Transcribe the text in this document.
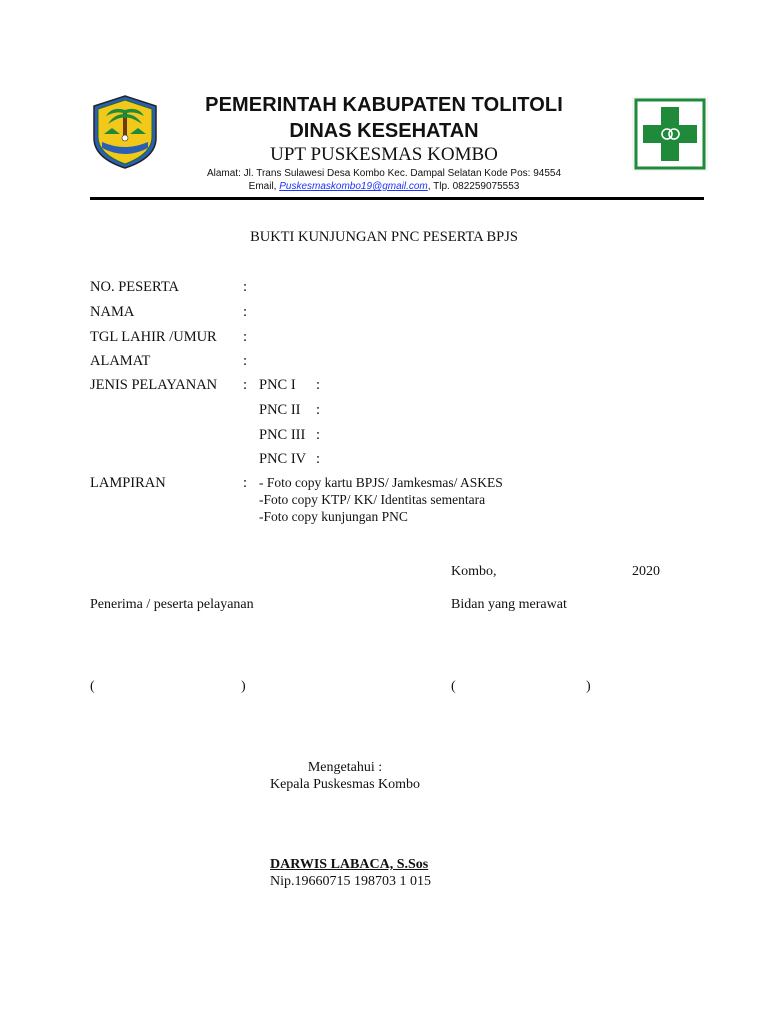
PEMERINTAH KABUPATEN TOLITOLI
DINAS KESEHATAN
UPT PUSKESMAS KOMBO
Alamat: Jl. Trans Sulawesi Desa Kombo Kec. Dampal Selatan Kode Pos: 94554
Email, Puskesmaskombo19@gmail.com, Tlp. 082259075553
BUKTI KUNJUNGAN PNC PESERTA BPJS
NO. PESERTA	:
NAMA	:
TGL LAHIR /UMUR :
ALAMAT	:
JENIS PELAYANAN : PNC I :
PNC II :
PNC III :
PNC IV :
LAMPIRAN	: - Foto copy kartu BPJS/ Jamkesmas/ ASKES
-Foto copy KTP/ KK/ Identitas sementara
-Foto copy kunjungan PNC
Kombo,	2020
Penerima / peserta pelayanan	Bidan yang merawat
(	)	(	)
Mengetahui :
Kepala Puskesmas Kombo
DARWIS LABACA, S.Sos
Nip.19660715 198703 1 015
